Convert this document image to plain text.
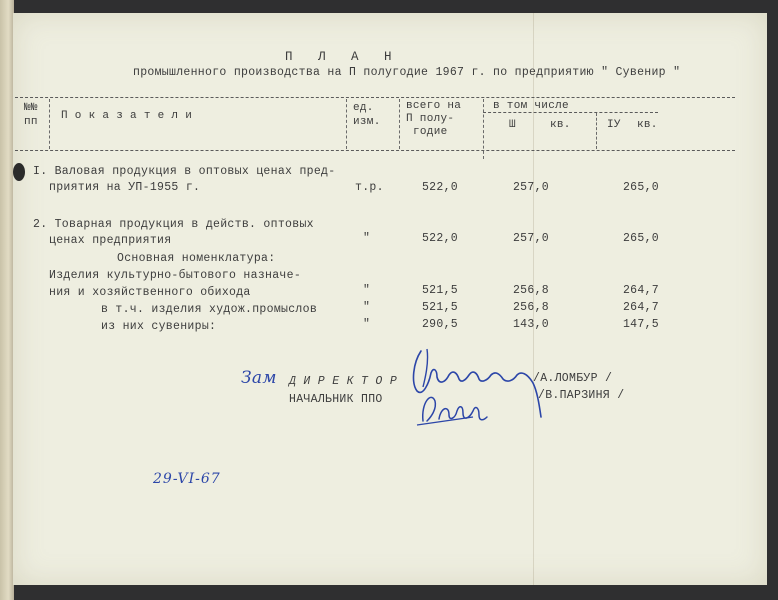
П Л А Н
промышленного производства на П полугодие 1967 г. по предприятию " Сувенир "
№№
пп П о к а з а т е л и
ед.
изм.
всего на
П полу-
годие
в том числе
Ш	кв.	IУ кв.
I. Валовая продукция в оптовых ценах пред-
приятия на УП-1955 г.	т.р.	522,0	257,0	265,0
2. Товарная продукция в действ. оптовых
ценах предприятия	"	522,0	257,0	265,0
Основная номенклатура:
Изделия культурно-бытового назначе-
ния и хозяйственного обихода	"	521,5	256,8	264,7
в т.ч. изделия худож.промыслов	"	521,5	256,8	264,7
из них сувениры:	"	290,5	143,0	147,5
Зам Д И Р Е К Т О Р	/А.ЛОМБУР /
НАЧАЛЬНИК ППО	/В.ПАРЗИНЯ /
29-VI-67
